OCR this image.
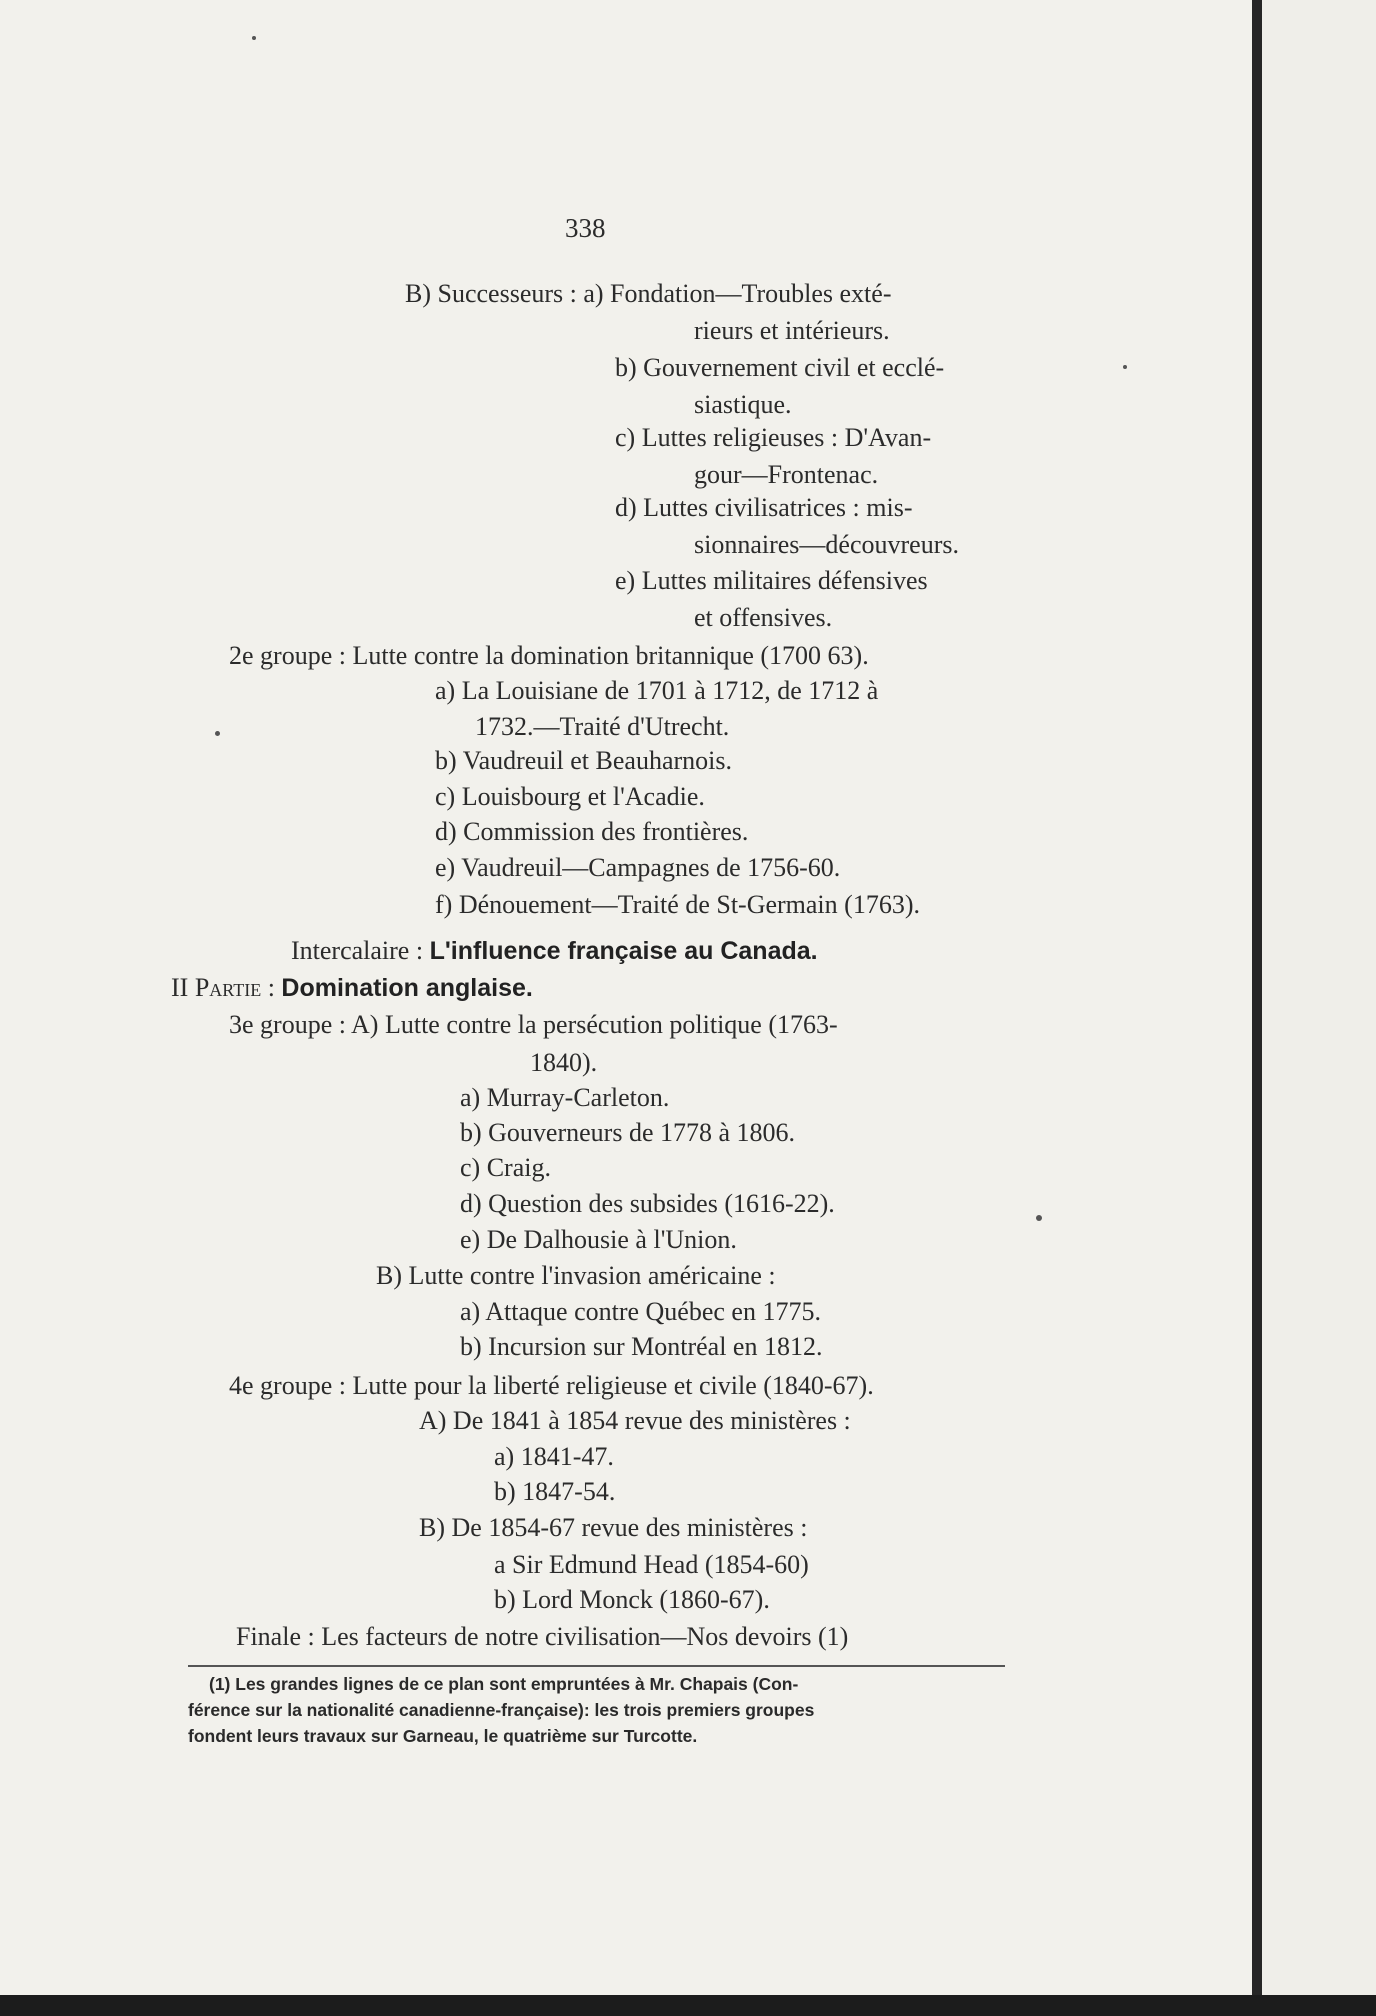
338
B) Successeurs : a) Fondation—Troubles exté-
rieurs et intérieurs.
b) Gouvernement civil et ecclé-
siastique.
c) Luttes religieuses : D'Avan-
gour—Frontenac.
d) Luttes civilisatrices : mis-
sionnaires—découvreurs.
e) Luttes militaires défensives
et offensives.
2e groupe : Lutte contre la domination britannique (1700 63).
a) La Louisiane de 1701 à 1712, de 1712 à
1732.—Traité d'Utrecht.
b) Vaudreuil et Beauharnois.
c) Louisbourg et l'Acadie.
d) Commission des frontières.
e) Vaudreuil—Campagnes de 1756-60.
f) Dénouement—Traité de St-Germain (1763).
Intercalaire : L'influence française au Canada.
II Partie : Domination anglaise.
3e groupe : A) Lutte contre la persécution politique (1763-
1840).
a) Murray-Carleton.
b) Gouverneurs de 1778 à 1806.
c) Craig.
d) Question des subsides (1616-22).
e) De Dalhousie à l'Union.
B) Lutte contre l'invasion américaine :
a) Attaque contre Québec en 1775.
b) Incursion sur Montréal en 1812.
4e groupe : Lutte pour la liberté religieuse et civile (1840-67).
A) De 1841 à 1854 revue des ministères :
a) 1841-47.
b) 1847-54.
B) De 1854-67 revue des ministères :
a Sir Edmund Head (1854-60)
b) Lord Monck (1860-67).
Finale : Les facteurs de notre civilisation—Nos devoirs (1)
(1) Les grandes lignes de ce plan sont empruntées à Mr. Chapais (Con-
férence sur la nationalité canadienne-française): les trois premiers groupes
fondent leurs travaux sur Garneau, le quatrième sur Turcotte.
